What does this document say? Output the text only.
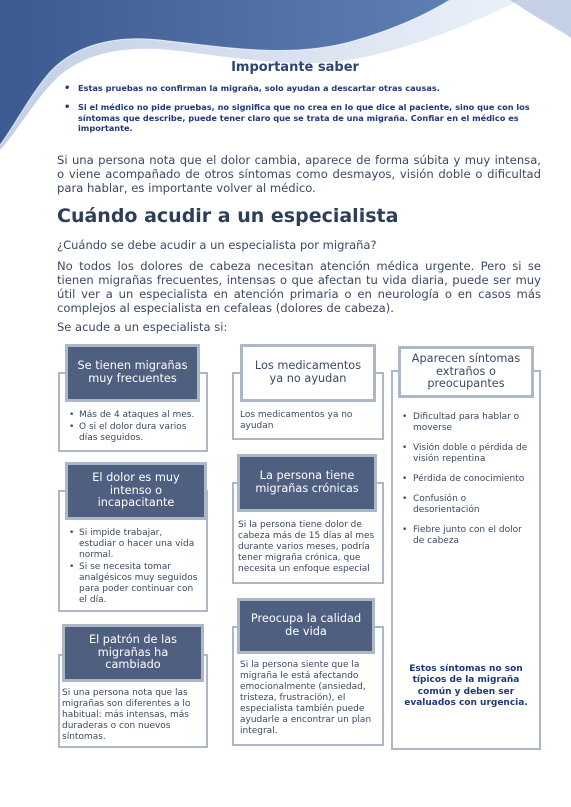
Importante saber
• Estas pruebas no confirman la migraña, solo ayudan a descartar otras causas.
• Si el médico no pide pruebas, no significa que no crea en lo que dice al paciente, sino que con los síntomas que describe, puede tener claro que se trata de una migraña. Confiar en el médico es importante.

Si una persona nota que el dolor cambia, aparece de forma súbita y muy intensa, o viene acompañado de otros síntomas como desmayos, visión doble o dificultad para hablar, es importante volver al médico.

Cuándo acudir a un especialista

¿Cuándo se debe acudir a un especialista por migraña?

No todos los dolores de cabeza necesitan atención médica urgente. Pero si se tienen migrañas frecuentes, intensas o que afectan tu vida diaria, puede ser muy útil ver a un especialista en atención primaria o en neurología o en casos más complejos al especialista en cefaleas (dolores de cabeza).

Se acude a un especialista si:

• Más de 4 ataques al mes.
• O si el dolor dura varios días seguidos.
Se tienen migrañas muy frecuentes

Los medicamentos ya no ayudan

Los medicamentos ya no ayudan
• Si impide trabajar, estudiar o hacer una vida normal.
• Si se necesita tomar analgésicos muy seguidos para poder continuar con el día.
El dolor es muy intenso o incapacitante

Si la persona tiene dolor de cabeza más de 15 días al mes durante varios meses, podría tener migraña crónica, que necesita un enfoque especial

La persona tiene migrañas crónicas

Si una persona nota que las migrañas son diferentes a lo habitual: más intensas, más duraderas o con nuevos síntomas.

El patrón de las migrañas ha cambiado	Si la persona siente que la migraña le está afectando emocionalmente (ansiedad, tristeza, frustración), el especialista también puede ayudarle a encontrar un plan integral.

Preocupa la calidad de vida
• Dificultad para hablar o moverse
• Visión doble o pérdida de visión repentina
• Pérdida de conocimiento
• Confusión o desorientación
• Fiebre junto con el dolor de cabeza

Estos síntomas no son típicos de la migraña común y deben ser evaluados con urgencia.

Aparecen síntomas extraños o preocupantes
